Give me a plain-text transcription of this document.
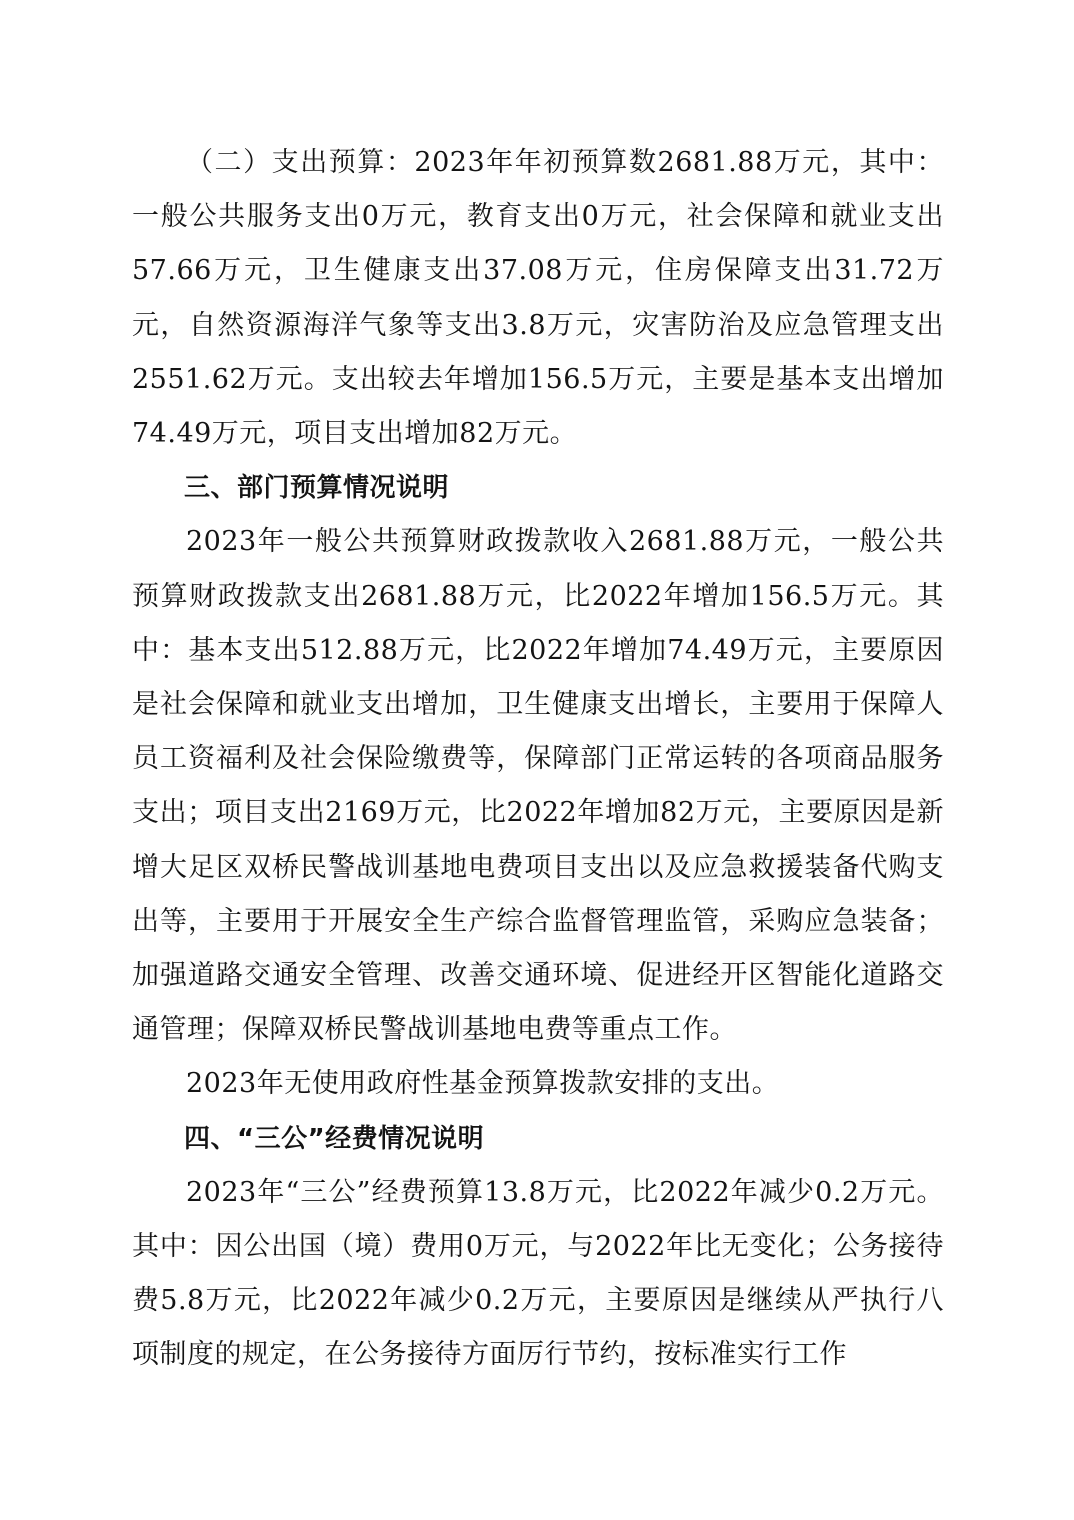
（二）支出预算：2023年年初预算数2681.88万元，其中：一般公共服务支出0万元，教育支出0万元，社会保障和就业支出57.66万元，卫生健康支出37.08万元，住房保障支出31.72万元，自然资源海洋气象等支出3.8万元，灾害防治及应急管理支出2551.62万元。支出较去年增加156.5万元，主要是基本支出增加74.49万元，项目支出增加82万元。

三、部门预算情况说明

2023年一般公共预算财政拨款收入2681.88万元，一般公共预算财政拨款支出2681.88万元，比2022年增加156.5万元。其中：基本支出512.88万元，比2022年增加74.49万元，主要原因是社会保障和就业支出增加，卫生健康支出增长，主要用于保障人员工资福利及社会保险缴费等，保障部门正常运转的各项商品服务支出；项目支出2169万元，比2022年增加82万元，主要原因是新增大足区双桥民警战训基地电费项目支出以及应急救援装备代购支出等，主要用于开展安全生产综合监督管理监管，采购应急装备；加强道路交通安全管理、改善交通环境、促进经开区智能化道路交通管理；保障双桥民警战训基地电费等重点工作。

2023年无使用政府性基金预算拨款安排的支出。

四、“三公”经费情况说明

2023年“三公”经费预算13.8万元，比2022年减少0.2万元。其中：因公出国（境）费用0万元，与2022年比无变化；公务接待费5.8万元，比2022年减少0.2万元，主要原因是继续从严执行八项制度的规定，在公务接待方面厉行节约，按标准实行工作
